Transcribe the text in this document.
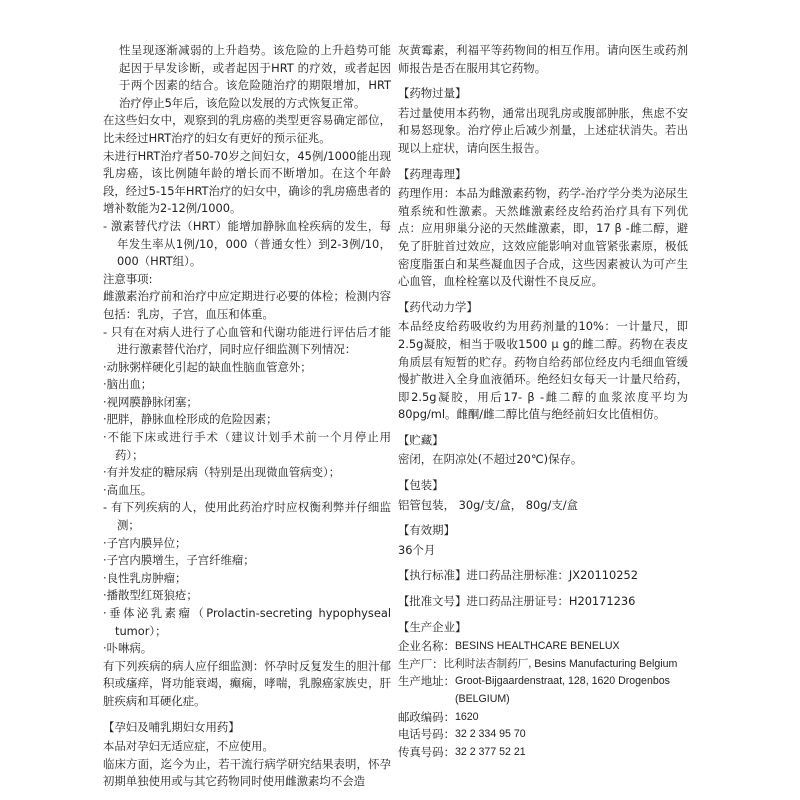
性呈现逐渐减弱的上升趋势。该危险的上升趋势可能起因于早发诊断，或者起因于HRT 的疗效，或者起因于两个因素的结合。该危险随治疗的期限增加，HRT治疗停止5年后，该危险以发展的方式恢复正常。

在这些妇女中，观察到的乳房癌的类型更容易确定部位，比未经过HRT治疗的妇女有更好的预示征兆。

未进行HRT治疗者50-70岁之间妇女，45例/1000能出现乳房癌，该比例随年龄的增长而不断增加。在这个年龄段，经过5-15年HRT治疗的妇女中，确诊的乳房癌患者的增补数能为2-12例/1000。

- 激素替代疗法（HRT）能增加静脉血栓疾病的发生，每年发生率从1例/10，000（普通女性）到2-3例/10，000（HRT组）。

注意事项:

雌激素治疗前和治疗中应定期进行必要的体检；检测内容包括：乳房，子宫，血压和体重。

- 只有在对病人进行了心血管和代谢功能进行评估后才能进行激素替代治疗，同时应仔细监测下列情况：

·动脉粥样硬化引起的缺血性脑血管意外；

·脑出血；

·视网膜静脉闭塞；

·肥胖，静脉血栓形成的危险因素；

·不能下床或进行手术（建议计划手术前一个月停止用药）；

·有并发症的糖尿病（特别是出现微血管病变）；

·高血压。

- 有下列疾病的人，使用此药治疗时应权衡利弊并仔细监测；

·子宫内膜异位；

·子宫内膜增生，子宫纤维瘤；

·良性乳房肿瘤；

·播散型红斑狼疮；

·垂体泌乳素瘤（Prolactin-secreting hypophyseal tumor）；

·卟啉病。

有下列疾病的病人应仔细监测：怀孕时反复发生的胆汁郁积或瘙痒，肾功能衰竭，癫痫，哮喘，乳腺癌家族史，肝脏疾病和耳硬化症。

【孕妇及哺乳期妇女用药】

本品对孕妇无适应症，不应使用。

临床方面，迄今为止，若干流行病学研究结果表明，怀孕初期单独使用或与其它药物同时使用雌激素均不会造

灰黄霉素，利福平等药物间的相互作用。请向医生或药剂师报告是否在服用其它药物。

【药物过量】

若过量使用本药物，通常出现乳房或腹部肿胀，焦虑不安和易怒现象。治疗停止后减少剂量，上述症状消失。若出现以上症状，请向医生报告。

【药理毒理】

药理作用：本品为雌激素药物，药学-治疗学分类为泌尿生殖系统和性激素。天然雌激素经皮给药治疗具有下列优点：应用卵巢分泌的天然雌激素，即，17 β -雌二醇，避免了肝脏首过效应，这效应能影响对血管紧张素原，极低密度脂蛋白和某些凝血因子合成，这些因素被认为可产生心血管，血栓栓塞以及代谢性不良反应。

【药代动力学】

本品经皮给药吸收约为用药剂量的10%：一计量尺，即2.5g凝胶，相当于吸收1500 μ g的雌二醇。药物在表皮角质层有短暂的贮存。药物自给药部位经皮内毛细血管缓慢扩散进入全身血液循环。绝经妇女每天一计量尺给药，即2.5g凝胶，用后17- β -雌二醇的血浆浓度平均为80pg/ml。雌酮/雌二醇比值与绝经前妇女比值相仿。

【贮藏】

密闭，在阴凉处(不超过20℃)保存。

【包装】

铝管包装， 30g/支/盒， 80g/支/盒

【有效期】

36个月

【执行标准】进口药品注册标准：JX20110252

【批准文号】进口药品注册证号：H20171236

【生产企业】

企业名称： BESINS HEALTHCARE BENELUX
生产厂： 比利时法杏制药厂, Besins Manufacturing Belgium
生产地址： Groot-Bijgaardenstraat, 128, 1620 Drogenbos (BELGIUM)
邮政编码： 1620
电话号码： 32 2 334 95 70
传真号码： 32 2 377 52 21
